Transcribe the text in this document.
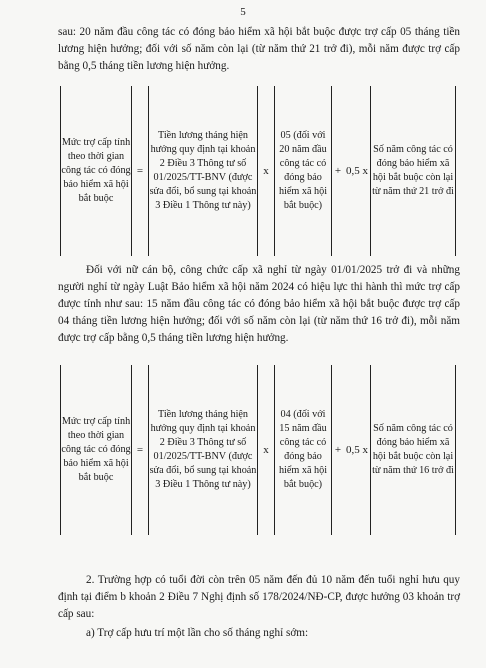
5

sau: 20 năm đầu công tác có đóng bảo hiểm xã hội bắt buộc được trợ cấp 05 tháng tiền lương hiện hưởng; đối với số năm còn lại (từ năm thứ 21 trở đi), mỗi năm được trợ cấp bằng 0,5 tháng tiền lương hiện hưởng.

Mức trợ cấp tính theo thời gian công tác có đóng bảo hiểm xã hội bắt buộc	=	Tiền lương tháng hiện hưởng quy định tại khoản 2 Điều 3 Thông tư số 01/2025/TT-BNV (được sửa đổi, bổ sung tại khoản 3 Điều 1 Thông tư này)	x	05 (đối với 20 năm đầu công tác có đóng bảo hiểm xã hội bắt buộc)	+	0,5 x	Số năm công tác có đóng bảo hiểm xã hội bắt buộc còn lại từ năm thứ 21 trở đi

Đối với nữ cán bộ, công chức cấp xã nghỉ từ ngày 01/01/2025 trở đi và những người nghỉ từ ngày Luật Bảo hiểm xã hội năm 2024 có hiệu lực thi hành thì mức trợ cấp được tính như sau: 15 năm đầu công tác có đóng bảo hiểm xã hội bắt buộc được trợ cấp 04 tháng tiền lương hiện hưởng; đối với số năm còn lại (từ năm thứ 16 trở đi), mỗi năm được trợ cấp bằng 0,5 tháng tiền lương hiện hưởng.

Mức trợ cấp tính theo thời gian công tác có đóng bảo hiểm xã hội bắt buộc	=	Tiền lương tháng hiện hưởng quy định tại khoản 2 Điều 3 Thông tư số 01/2025/TT-BNV (được sửa đổi, bổ sung tại khoản 3 Điều 1 Thông tư này)	x	04 (đối với 15 năm đầu công tác có đóng bảo hiểm xã hội bắt buộc)	+	0,5 x	Số năm công tác có đóng bảo hiểm xã hội bắt buộc còn lại từ năm thứ 16 trở đi

2. Trường hợp có tuổi đời còn trên 05 năm đến đủ 10 năm đến tuổi nghỉ hưu quy định tại điểm b khoản 2 Điều 7 Nghị định số 178/2024/NĐ-CP, được hưởng 03 khoản trợ cấp sau:

a) Trợ cấp hưu trí một lần cho số tháng nghỉ sớm:
